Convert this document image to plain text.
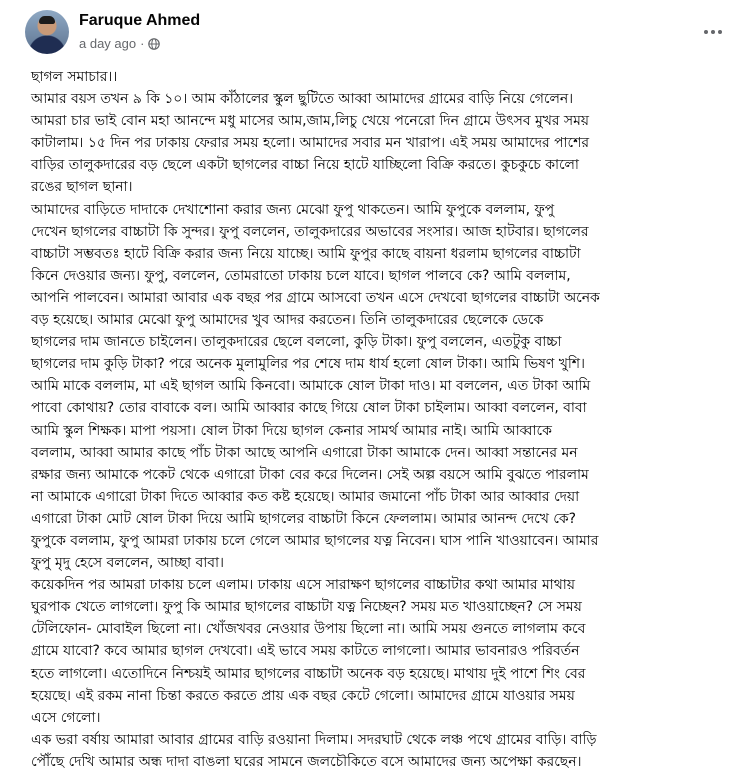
Faruque Ahmed
a day ago ·

ছাগল সমাচার।।

আমার বয়স তখন ৯ কি ১০। আম কাঁঠালের স্কুল ছুটিতে আব্বা আমাদের গ্রামের বাড়ি নিয়ে গেলেন।

আমরা চার ভাই বোন মহা আনন্দে মধু মাসের আম,জাম,লিচু খেয়ে পনেরো দিন গ্রামে উৎসব মুখর সময়

কাটালাম। ১৫ দিন পর ঢাকায় ফেরার সময় হলো। আমাদের সবার মন খারাপ। এই সময় আমাদের পাশের

বাড়ির তালুকদারের বড় ছেলে একটা ছাগলের বাচ্চা নিয়ে হাটে যাচ্ছিলো বিক্রি করতে। কুচকুচে কালো

রঙের ছাগল ছানা।

আমাদের বাড়িতে দাদাকে দেখাশোনা করার জন্য মেঝো ফুপু থাকতেন। আমি ফুপুকে বললাম, ফুপু

দেখেন ছাগলের বাচ্চাটা কি সুন্দর। ফুপু বললেন, তালুকদারের অভাবের সংসার। আজ হাটবার। ছাগলের

বাচ্চাটা সম্ভবতঃ হাটে বিক্রি করার জন্য নিয়ে যাচ্ছে। আমি ফুপুর কাছে বায়না ধরলাম ছাগলের বাচ্চাটা

কিনে দেওয়ার জন্য। ফুপু, বললেন, তোমরাতো ঢাকায় চলে যাবে। ছাগল পালবে কে? আমি বললাম,

আপনি পালবেন। আমারা আবার এক বছর পর গ্রামে আসবো তখন এসে দেখবো ছাগলের বাচ্চাটা অনেক

বড় হয়েছে। আমার মেঝো ফুপু আমাদের খুব আদর করতেন। তিনি তালুকদারের ছেলেকে ডেকে

ছাগলের দাম জানতে চাইলেন। তালুকদারের ছেলে বললো, কুড়ি টাকা। ফুপু বললেন, এতটুকু বাচ্চা

ছাগলের দাম কুড়ি টাকা? পরে অনেক মুলামুলির পর শেষে দাম ধার্য হলো ষোল টাকা। আমি ভিষণ খুশি।

আমি মাকে বললাম, মা এই ছাগল আমি কিনবো। আমাকে ষোল টাকা দাও। মা বললেন, এত টাকা আমি

পাবো কোথায়? তোর বাবাকে বল। আমি আব্বার কাছে গিয়ে ষোল টাকা চাইলাম। আব্বা বললেন, বাবা

আমি স্কুল শিক্ষক। মাপা পয়সা। ষোল টাকা দিয়ে ছাগল কেনার সামর্থ আমার নাই। আমি আব্বাকে

বললাম, আব্বা আমার কাছে পাঁচ টাকা আছে আপনি এগারো টাকা আমাকে দেন। আব্বা সন্তানের মন

রক্ষার জন্য আমাকে পকেট থেকে এগারো টাকা বের করে দিলেন। সেই অল্প বয়সে আমি বুঝতে পারলাম

না আমাকে এগারো টাকা দিতে আব্বার কত কষ্ট হয়েছে। আমার জমানো পাঁচ টাকা আর আব্বার দেয়া

এগারো টাকা মোট ষোল টাকা দিয়ে আমি ছাগলের বাচ্চাটা কিনে ফেললাম। আমার আনন্দ দেখে কে?

ফুপুকে বললাম, ফুপু আমরা ঢাকায় চলে গেলে আমার ছাগলের যত্ন নিবেন। ঘাস পানি খাওয়াবেন। আমার

ফুপু মৃদু হেসে বললেন, আচ্ছা বাবা।

কয়েকদিন পর আমরা ঢাকায় চলে এলাম। ঢাকায় এসে সারাক্ষণ ছাগলের বাচ্চাটার কথা আমার মাথায়

ঘুরপাক খেতে লাগলো। ফুপু কি আমার ছাগলের বাচ্চাটা যত্ন নিচ্ছেন? সময় মত খাওয়াচ্ছেন? সে সময়

টেলিফোন- মোবাইল ছিলো না। খোঁজখবর নেওয়ার উপায় ছিলো না। আমি সময় গুনতে লাগলাম কবে

গ্রামে যাবো? কবে আমার ছাগল দেখবো। এই ভাবে সময় কাটতে লাগলো। আমার ভাবনারও পরিবর্তন

হতে লাগলো। এতোদিনে নিশ্চয়ই আমার ছাগলের বাচ্চাটা অনেক বড় হয়েছে। মাথায় দুই পাশে শিং বের

হয়েছে। এই রকম নানা চিন্তা করতে করতে প্রায় এক বছর কেটে গেলো। আমাদের গ্রামে যাওয়ার সময়

এসে গেলো।

এক ভরা বর্ষায় আমারা আবার গ্রামের বাড়ি রওয়ানা দিলাম। সদরঘাট থেকে লঞ্চ পথে গ্রামের বাড়ি। বাড়ি

পৌঁছে দেখি আমার অন্ধ দাদা বাঙলা ঘরের সামনে জলচৌকিতে বসে আমাদের জন্য অপেক্ষা করছেন।
